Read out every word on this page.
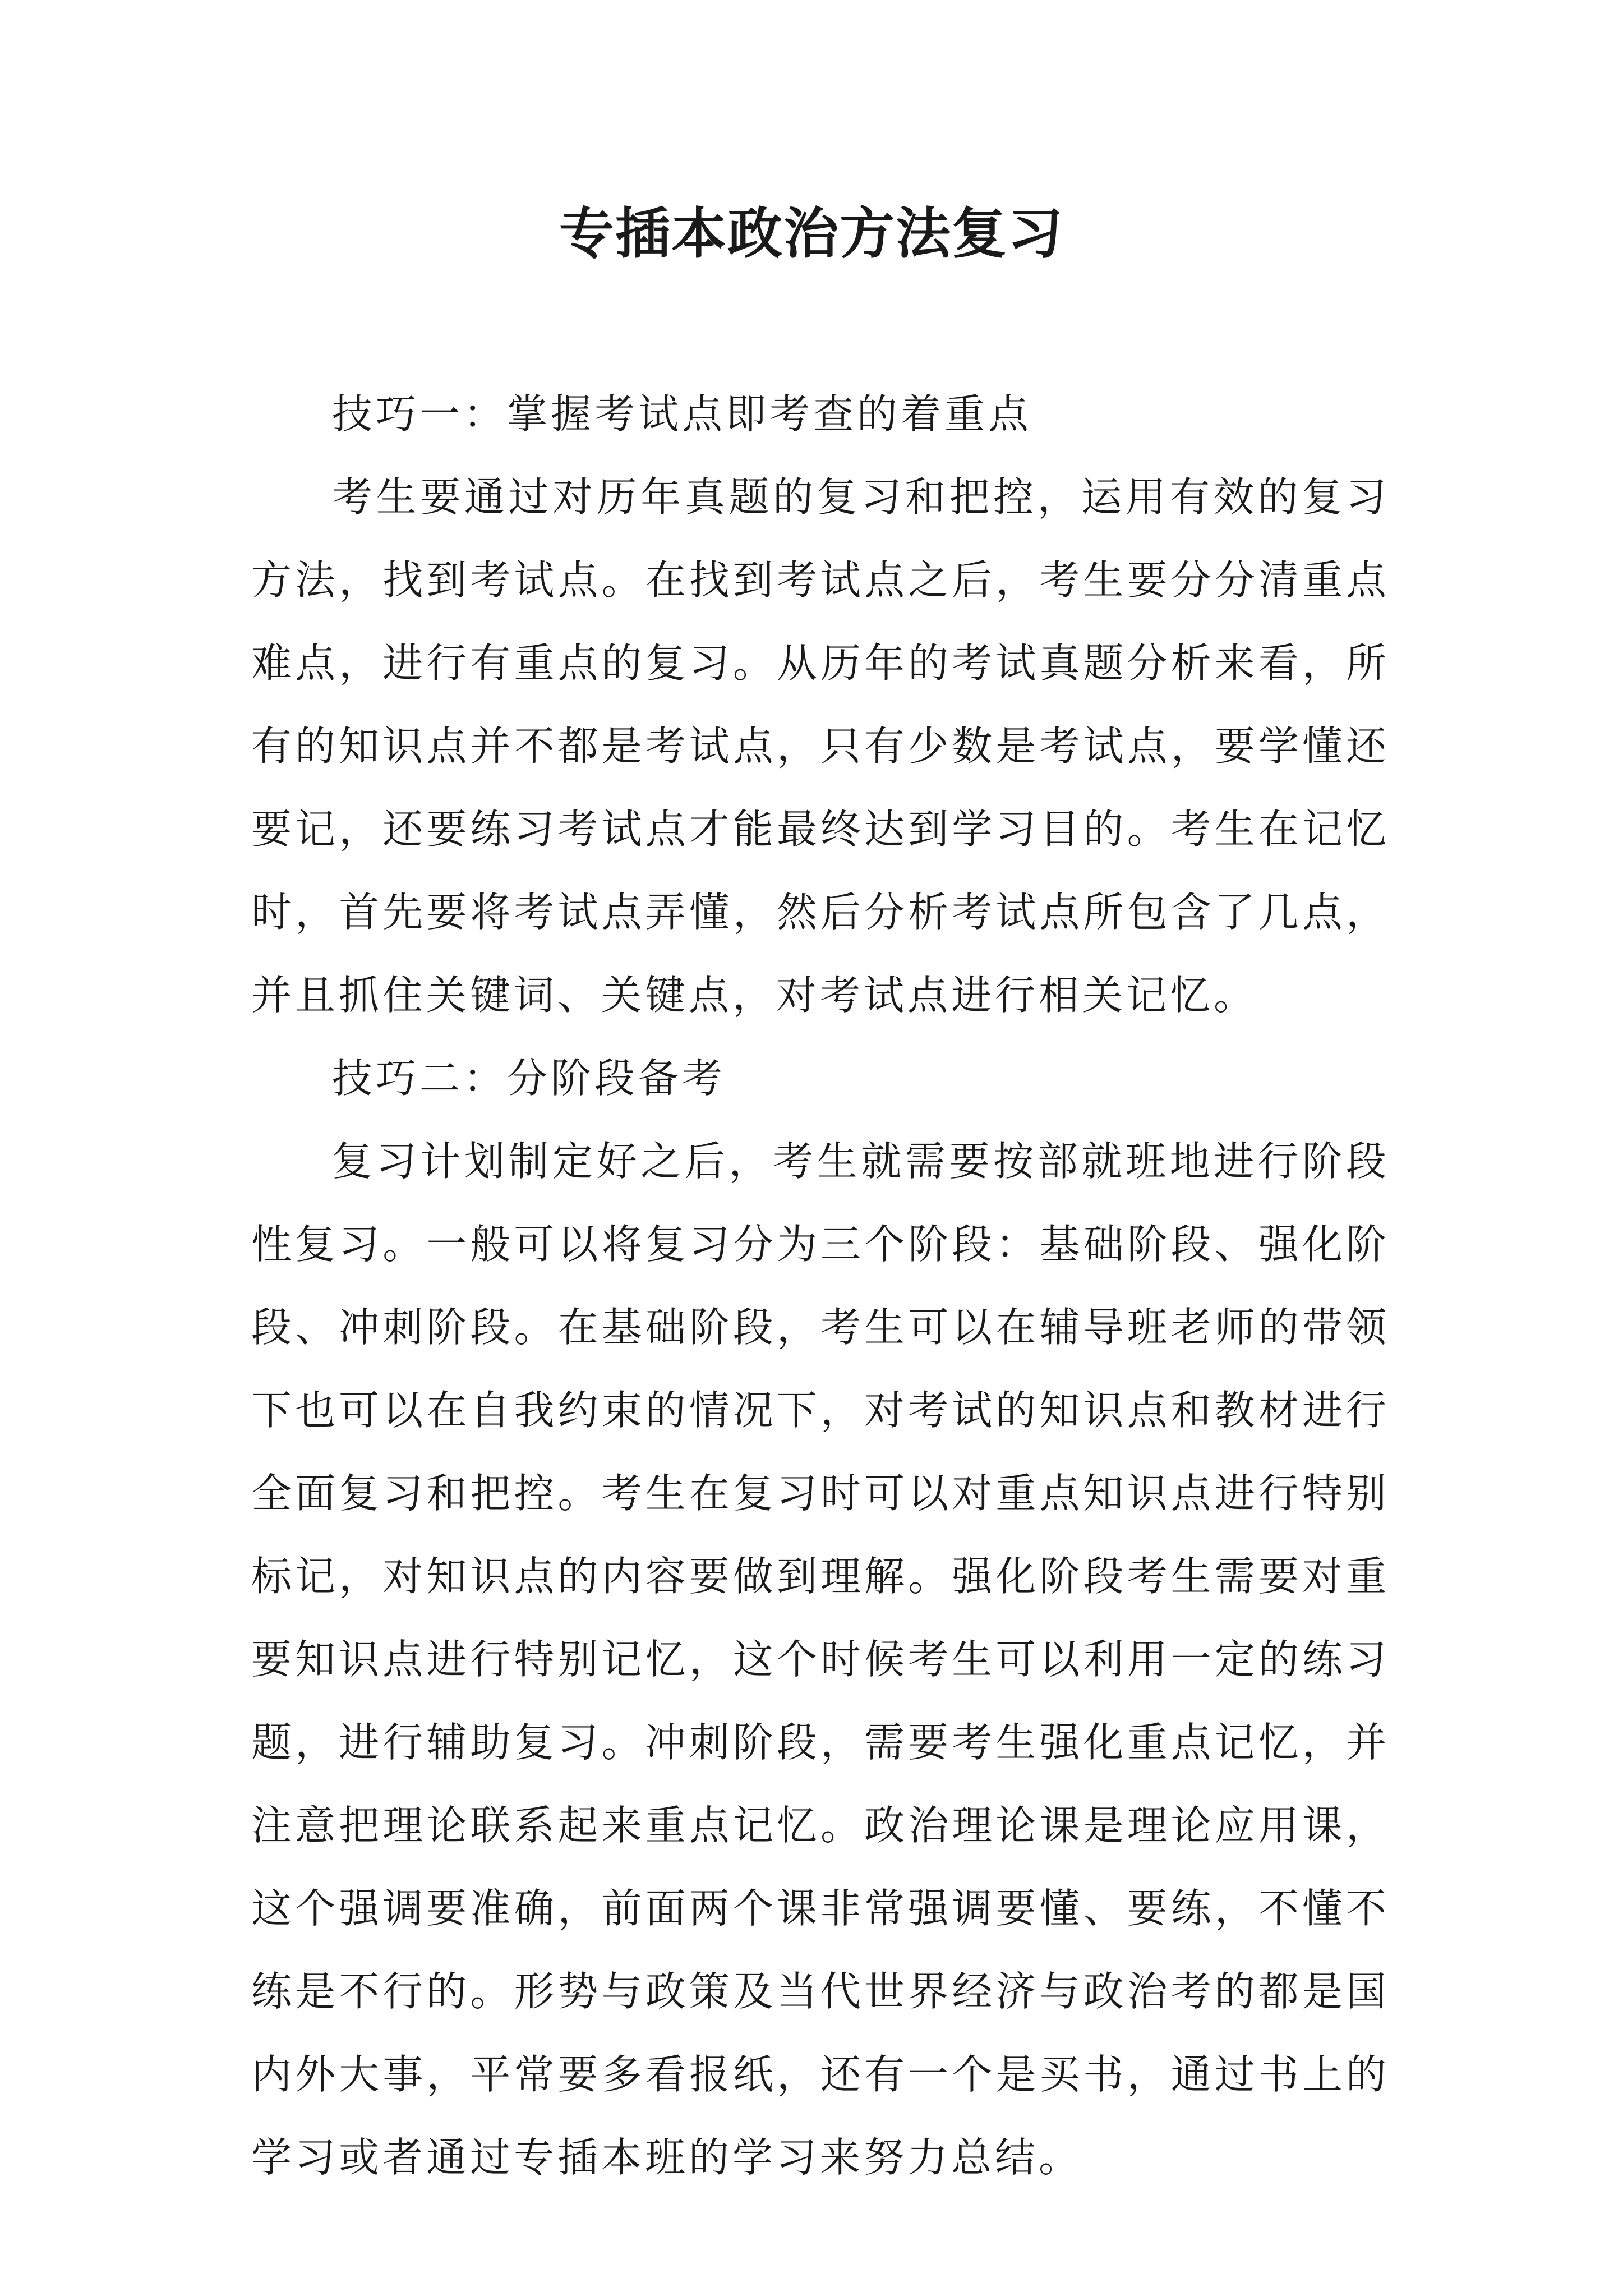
专插本政治方法复习

技巧一：掌握考试点即考查的着重点

考生要通过对历年真题的复习和把控，运用有效的复习方法，找到考试点。在找到考试点之后，考生要分分清重点难点，进行有重点的复习。从历年的考试真题分析来看，所有的知识点并不都是考试点，只有少数是考试点，要学懂还要记，还要练习考试点才能最终达到学习目的。考生在记忆时，首先要将考试点弄懂，然后分析考试点所包含了几点，并且抓住关键词、关键点，对考试点进行相关记忆。

技巧二：分阶段备考

复习计划制定好之后，考生就需要按部就班地进行阶段性复习。一般可以将复习分为三个阶段：基础阶段、强化阶段、冲刺阶段。在基础阶段，考生可以在辅导班老师的带领下也可以在自我约束的情况下，对考试的知识点和教材进行全面复习和把控。考生在复习时可以对重点知识点进行特别标记，对知识点的内容要做到理解。强化阶段考生需要对重要知识点进行特别记忆，这个时候考生可以利用一定的练习题，进行辅助复习。冲刺阶段，需要考生强化重点记忆，并注意把理论联系起来重点记忆。政治理论课是理论应用课，这个强调要准确，前面两个课非常强调要懂、要练，不懂不练是不行的。形势与政策及当代世界经济与政治考的都是国内外大事，平常要多看报纸，还有一个是买书，通过书上的学习或者通过专插本班的学习来努力总结。
